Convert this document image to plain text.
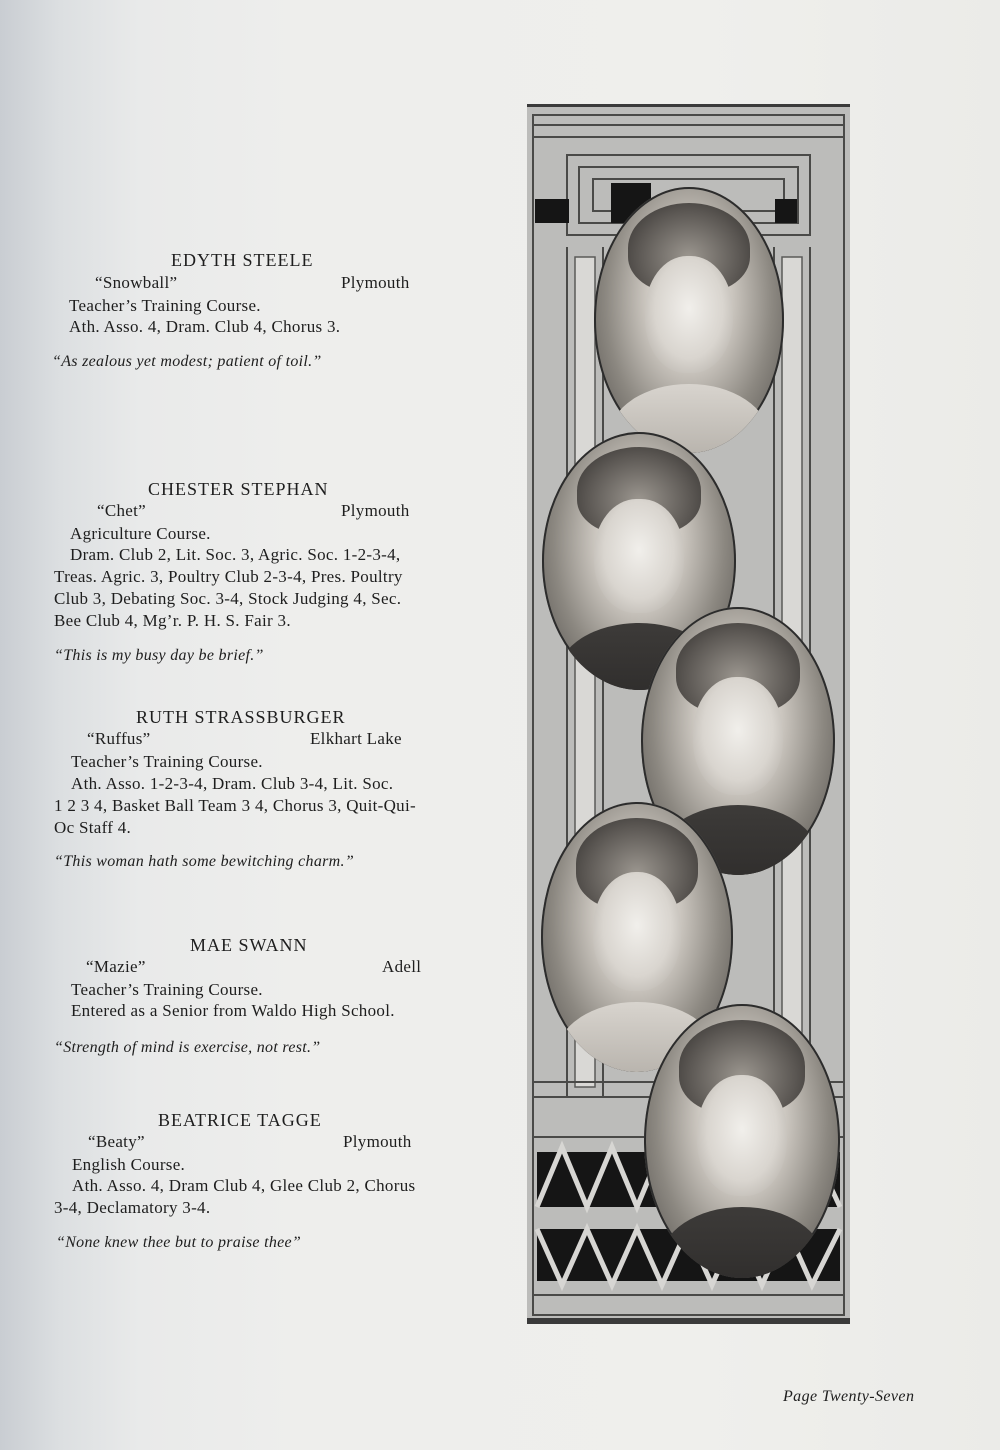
EDYTH STEELE
“Snowball”	Plymouth
Teacher’s Training Course.
Ath. Asso. 4, Dram. Club 4, Chorus 3.
“As zealous yet modest; patient of toil.”
CHESTER STEPHAN
“Chet”	Plymouth
Agriculture Course.
Dram. Club 2, Lit. Soc. 3, Agric. Soc. 1-2-3-4,
Treas. Agric. 3, Poultry Club 2-3-4, Pres. Poultry
Club 3, Debating Soc. 3-4, Stock Judging 4, Sec.
Bee Club 4, Mg’r. P. H. S. Fair 3.
“This is my busy day be brief.”
RUTH STRASSBURGER
“Ruffus”	Elkhart Lake
Teacher’s Training Course.
Ath. Asso. 1-2-3-4, Dram. Club 3-4, Lit. Soc.
1 2 3 4, Basket Ball Team 3 4, Chorus 3, Quit-Qui-
Oc Staff 4.
“This woman hath some bewitching charm.”
MAE SWANN
“Mazie”	Adell
Teacher’s Training Course.
Entered as a Senior from Waldo High School.
“Strength of mind is exercise, not rest.”
BEATRICE TAGGE
“Beaty”	Plymouth
English Course.
Ath. Asso. 4, Dram Club 4, Glee Club 2, Chorus
3-4, Declamatory 3-4.
“None knew thee but to praise thee”
Page Twenty-Seven
